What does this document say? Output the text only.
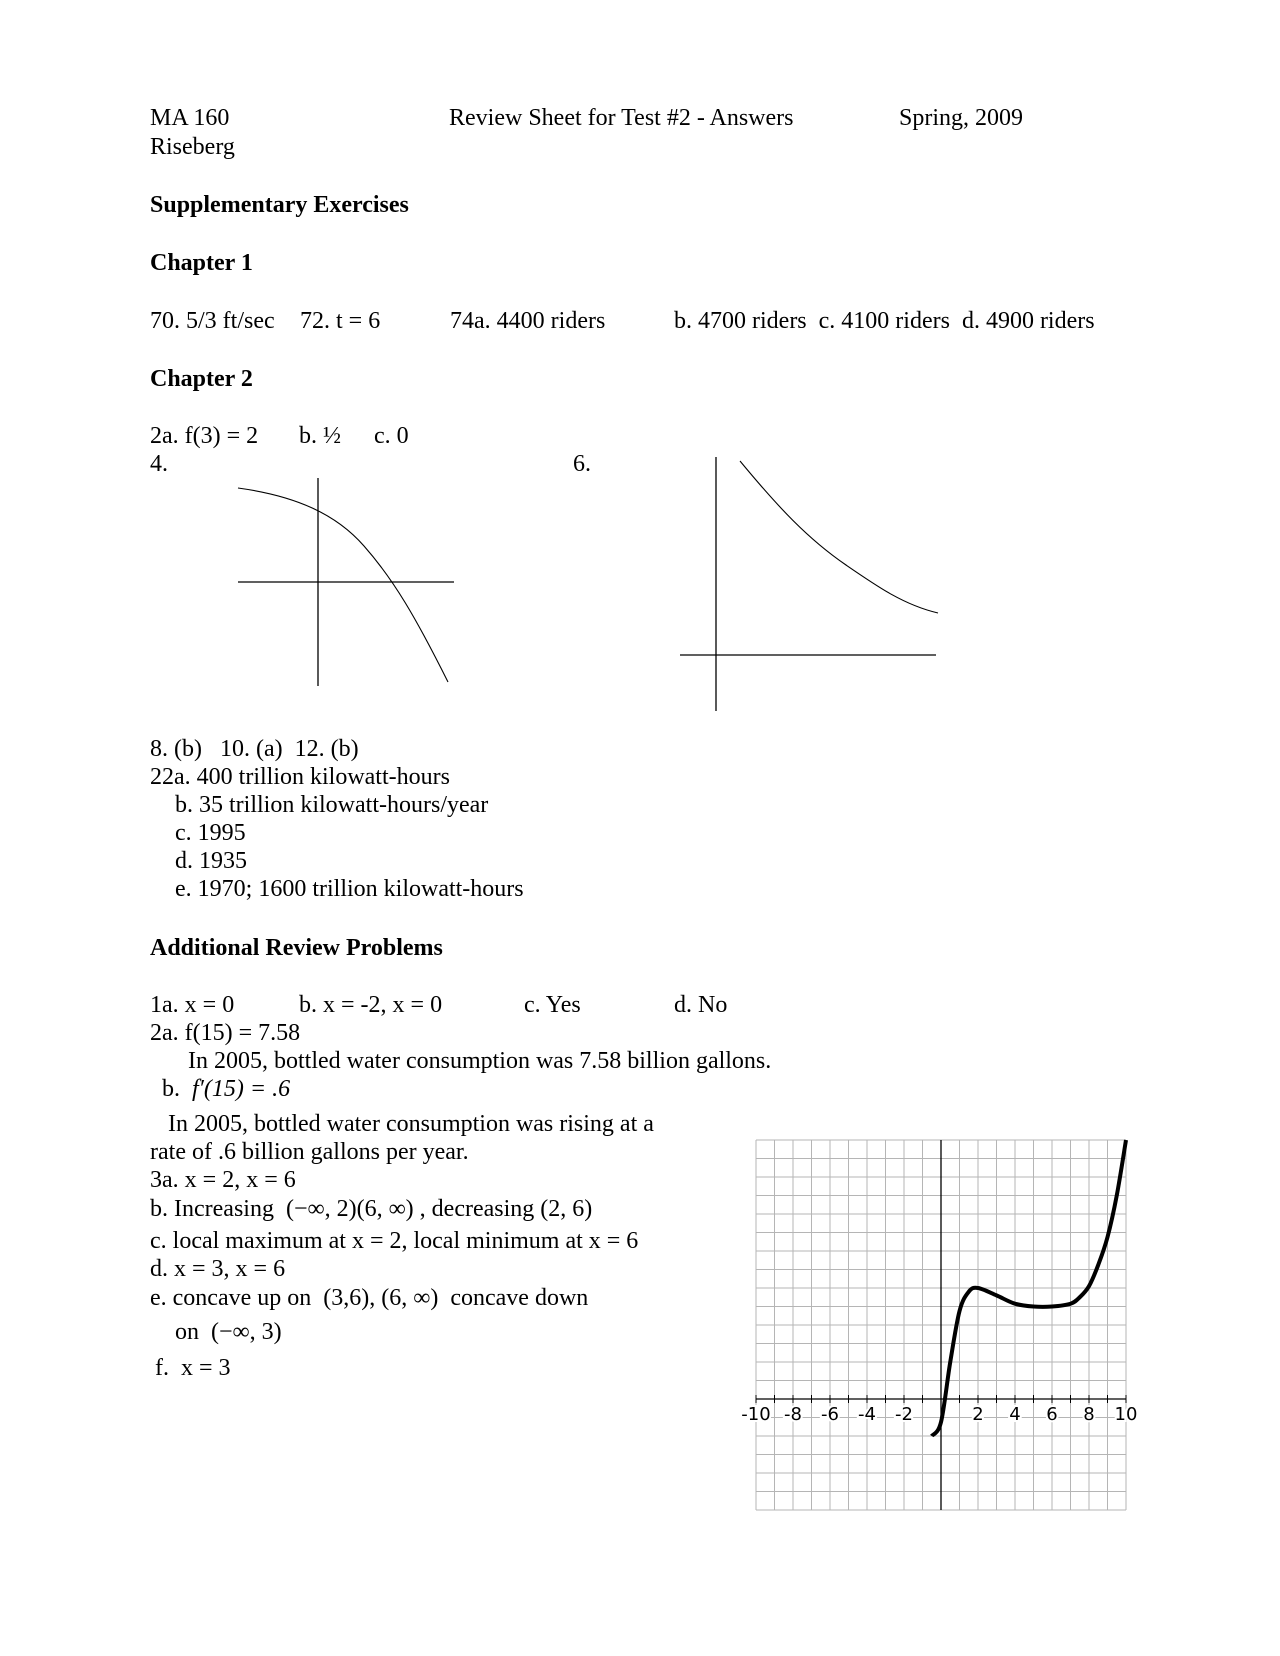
MA 160	Review Sheet for Test #2 - Answers	Spring, 2009
Riseberg
Supplementary Exercises
Chapter 1
70. 5/3 ft/sec 72. t = 6	74a. 4400 riders	b. 4700 riders  c. 4100 riders  d. 4900 riders
Chapter 2
2a. f(3) = 2 b. ½ c. 0
4.	6.
8. (b)   10. (a)  12. (b)
22a. 400 trillion kilowatt-hours
b. 35 trillion kilowatt-hours/year
c. 1995
d. 1935
e. 1970; 1600 trillion kilowatt-hours
Additional Review Problems
1a. x = 0	b. x = -2, x = 0	c. Yes	d. No
2a. f(15) = 7.58
In 2005, bottled water consumption was 7.58 billion gallons.
b. f′(15) = .6
In 2005, bottled water consumption was rising at a
rate of .6 billion gallons per year.
3a. x = 2, x = 6
b. Increasing  (−∞, 2)(6, ∞) , decreasing (2, 6)
c. local maximum at x = 2, local minimum at x = 6
d. x = 3, x = 6
e. concave up on  (3,6), (6, ∞)  concave down
on  (−∞, 3)
f.  x = 3
-10 -8 -6 -4 -2	2 4 6 8 10
